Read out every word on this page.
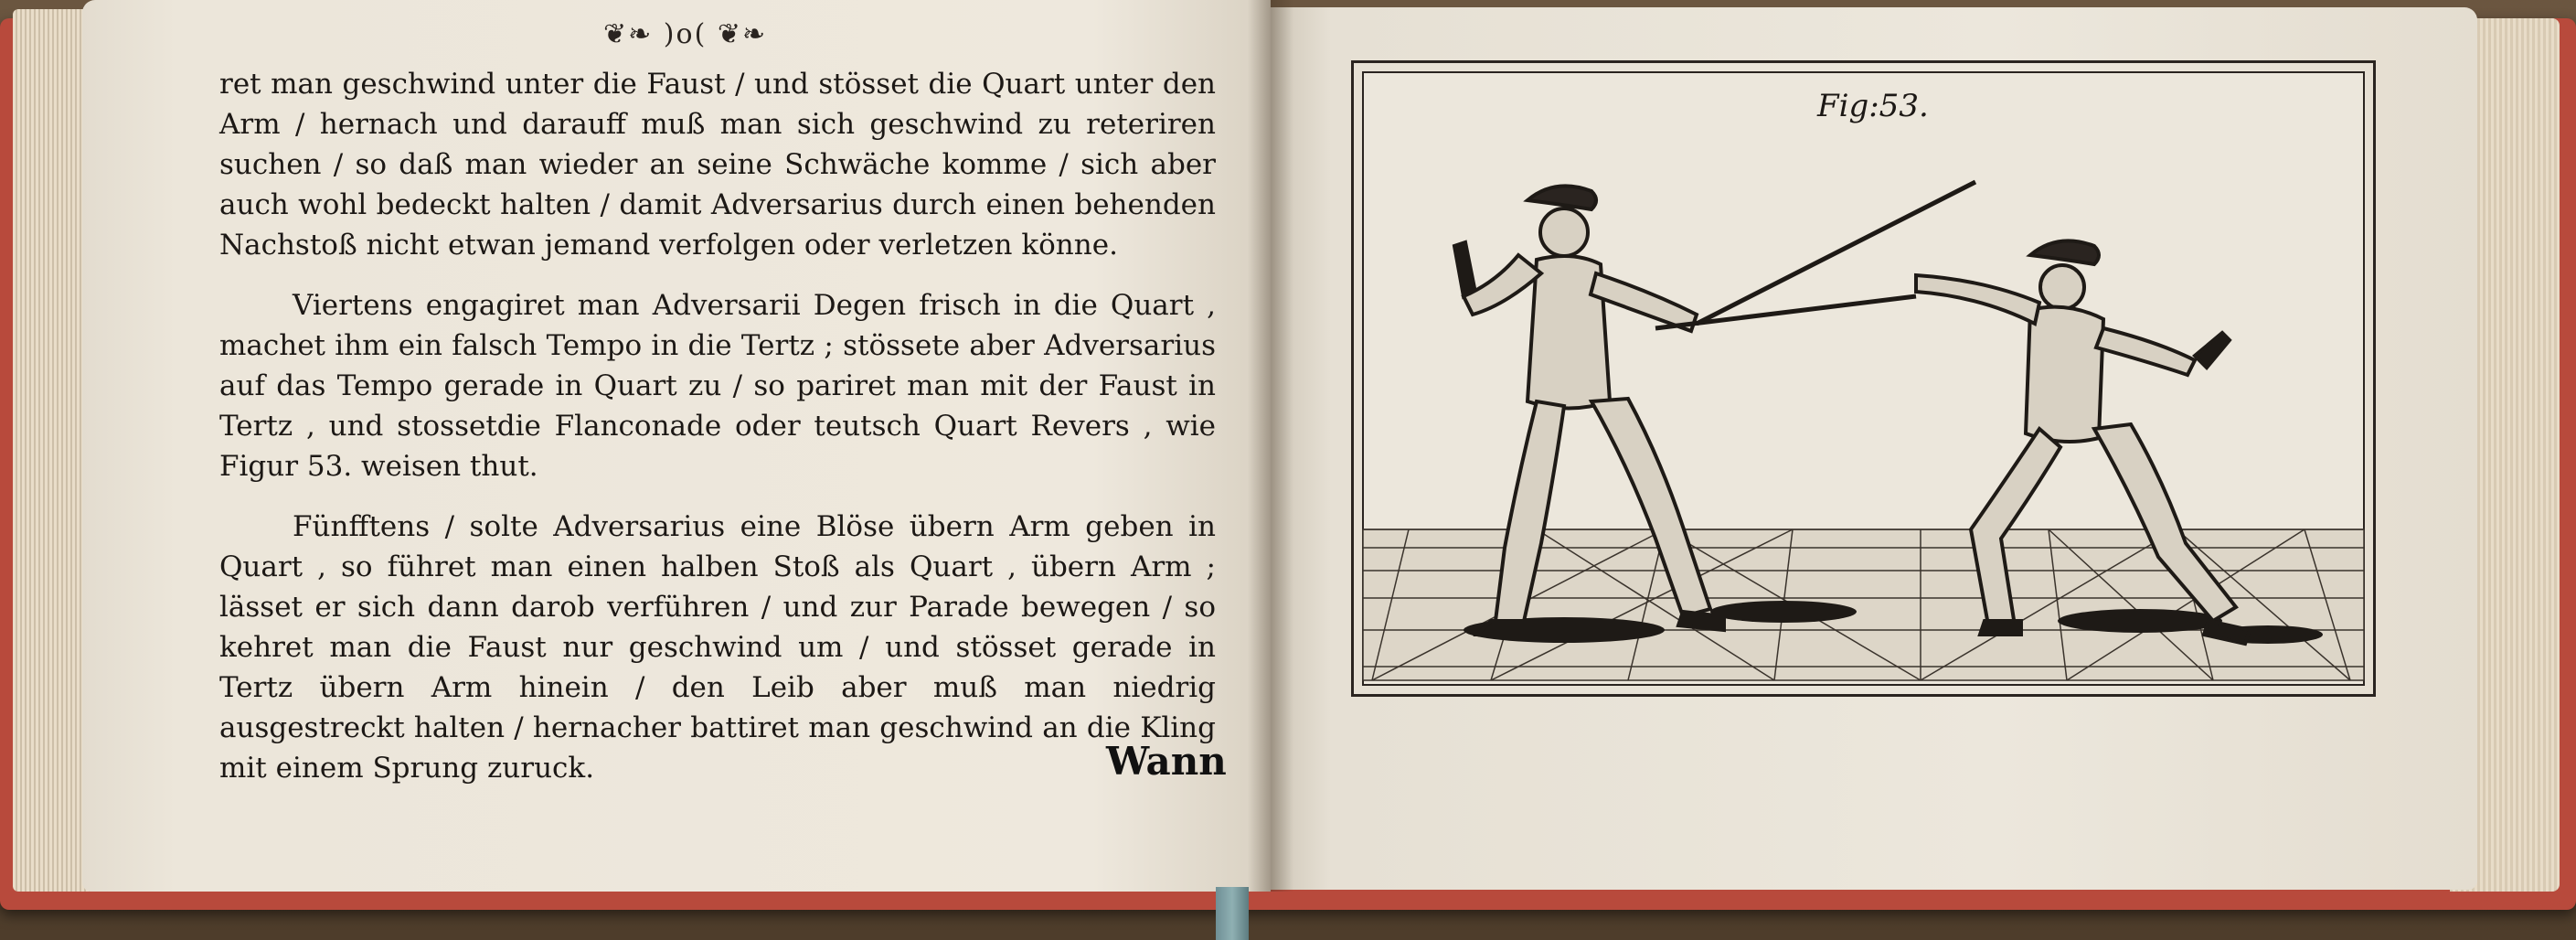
❦❧ )o( ❦❧

ret man geschwind unter die Faust / und stösset die Quart unter den Arm / hernach und darauff muß man sich geschwind zu reteriren suchen / so daß man wieder an seine Schwäche komme / sich aber auch wohl bedeckt halten / damit Adversarius durch einen behenden Nachstoß nicht etwan jemand verfolgen oder verletzen könne.

Viertens engagiret man Adversarii Degen frisch in die Quart , machet ihm ein falsch Tempo in die Tertz ; stössete aber Adversarius auf das Tempo gerade in Quart zu / so pariret man mit der Faust in Tertz , und stossetdie Flanconade oder teutsch Quart Revers , wie Figur 53. weisen thut.

Fünfftens / solte Adversarius eine Blöse übern Arm geben in Quart , so führet man einen halben Stoß als Quart , übern Arm ; lässet er sich dann darob verführen / und zur Parade bewegen / so kehret man die Faust nur geschwind um / und stösset gerade in Tertz übern Arm hinein / den Leib aber muß man niedrig ausgestreckt halten / hernacher battiret man geschwind an die Kling mit einem Sprung zuruck.	Wann
Fig:53.
